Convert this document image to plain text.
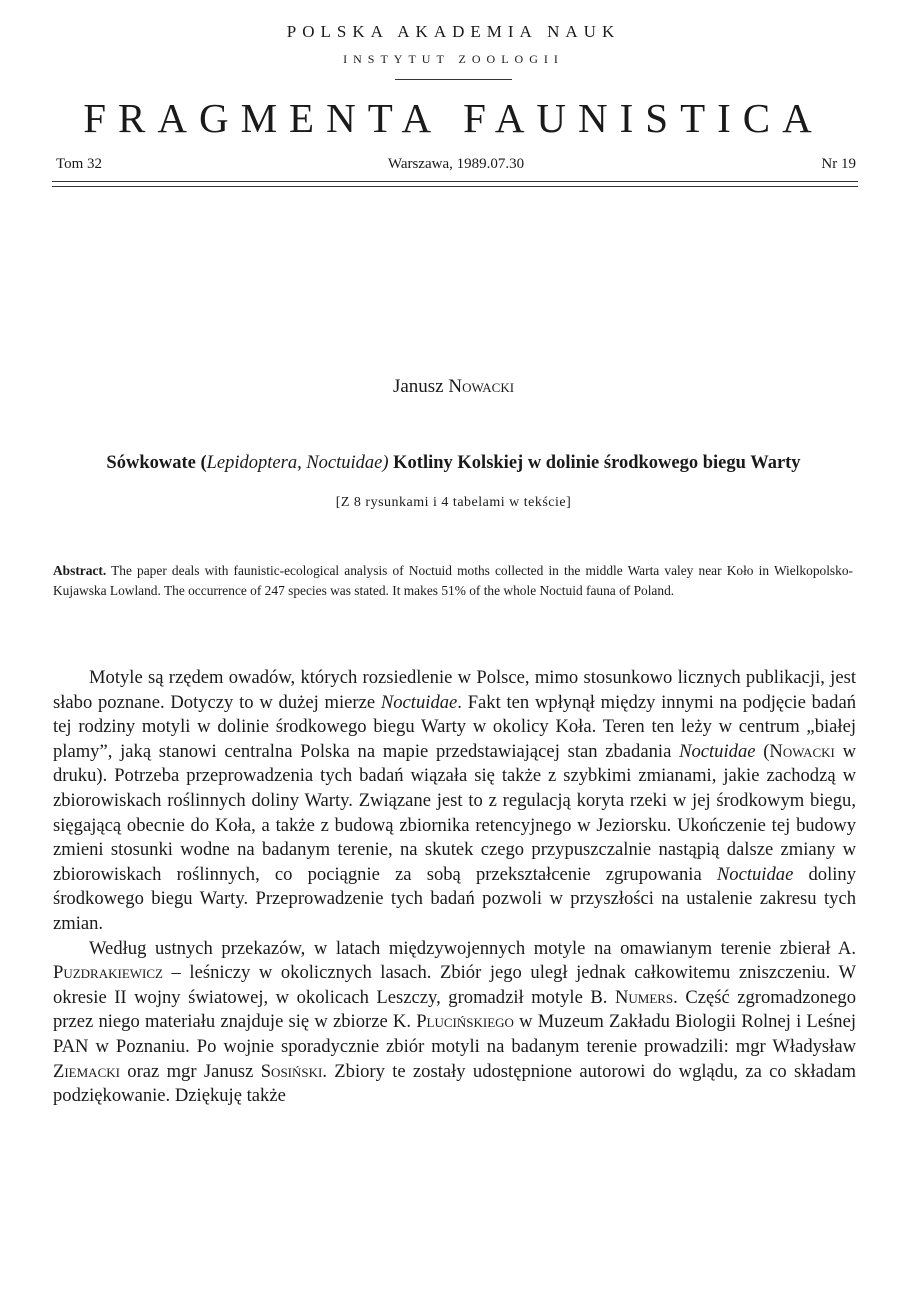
POLSKA AKADEMIA NAUK
INSTYTUT ZOOLOGII
FRAGMENTA FAUNISTICA
Warszawa, 1989.07.30
Tom 32	Nr 19
Janusz Nowacki
Sówkowate (Lepidoptera, Noctuidae) Kotliny Kolskiej w dolinie środkowego biegu Warty
[Z 8 rysunkami i 4 tabelami w tekście]
Abstract. The paper deals with faunistic-ecological analysis of Noctuid moths collected in the middle Warta valey near Koło in Wielkopolsko-Kujawska Lowland. The occurrence of 247 species was stated. It makes 51% of the whole Noctuid fauna of Poland.

Motyle są rzędem owadów, których rozsiedlenie w Polsce, mimo stosunkowo licznych publikacji, jest słabo poznane. Dotyczy to w dużej mierze Noctuidae. Fakt ten wpłynął między innymi na podjęcie badań tej rodziny motyli w dolinie środkowego biegu Warty w okolicy Koła. Teren ten leży w centrum „białej plamy”, jaką stanowi centralna Polska na mapie przedstawiającej stan zbadania Noctuidae (Nowacki w druku). Potrzeba przeprowadzenia tych badań wiązała się także z szybkimi zmianami, jakie zachodzą w zbiorowiskach roślinnych doliny Warty. Związane jest to z regulacją koryta rzeki w jej środkowym biegu, sięgającą obecnie do Koła, a także z budową zbiornika retencyjnego w Jeziorsku. Ukończenie tej budowy zmieni stosunki wodne na badanym terenie, na skutek czego przypuszczalnie nastąpią dalsze zmiany w zbiorowiskach roślinnych, co pociągnie za sobą przekształcenie zgrupowania Noctuidae doliny środkowego biegu Warty. Przeprowadzenie tych badań pozwoli w przyszłości na ustalenie zakresu tych zmian.

Według ustnych przekazów, w latach międzywojennych motyle na omawianym terenie zbierał A. Puzdrakiewicz – leśniczy w okolicznych lasach. Zbiór jego uległ jednak całkowitemu zniszczeniu. W okresie II wojny światowej, w okolicach Leszczy, gromadził motyle B. Numers. Część zgromadzonego przez niego materiału znajduje się w zbiorze K. Plucińskiego w Muzeum Zakładu Biologii Rolnej i Leśnej PAN w Poznaniu. Po wojnie sporadycznie zbiór motyli na badanym terenie prowadzili: mgr Władysław Ziemacki oraz mgr Janusz Sosiński. Zbiory te zostały udostępnione autorowi do wglądu, za co składam podziękowanie. Dziękuję także
